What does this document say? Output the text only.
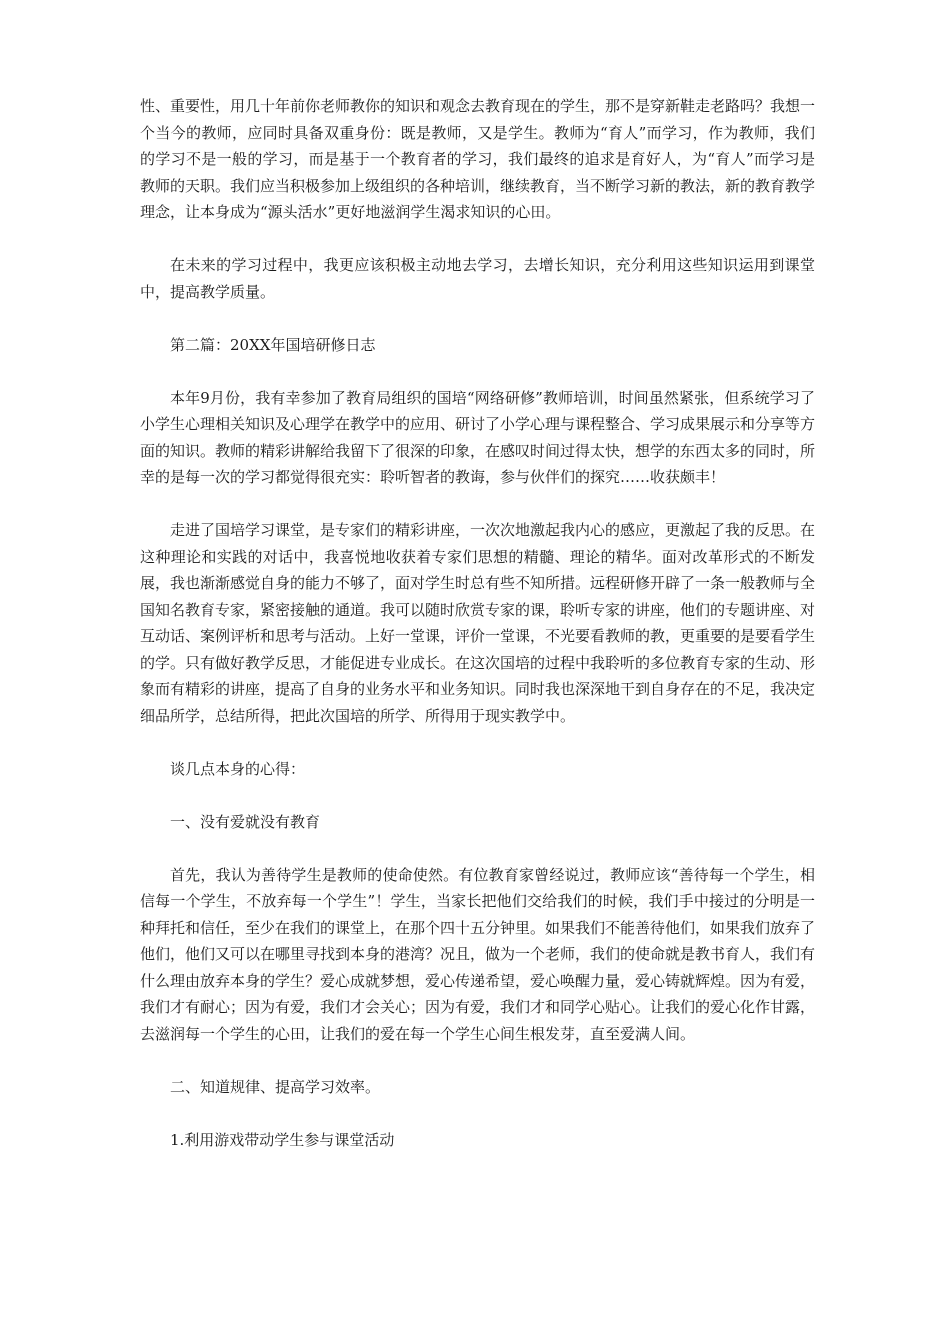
性、重要性，用几十年前你老师教你的知识和观念去教育现在的学生，那不是穿新鞋走老路吗？我想一个当今的教师，应同时具备双重身份：既是教师，又是学生。教师为“育人”而学习，作为教师，我们的学习不是一般的学习，而是基于一个教育者的学习，我们最终的追求是育好人，为“育人”而学习是教师的天职。我们应当积极参加上级组织的各种培训，继续教育，当不断学习新的教法，新的教育教学理念，让本身成为“源头活水”更好地滋润学生渴求知识的心田。

在未来的学习过程中，我更应该积极主动地去学习，去增长知识，充分利用这些知识运用到课堂中，提高教学质量。

第二篇：20XX年国培研修日志

本年9月份，我有幸参加了教育局组织的国培“网络研修”教师培训，时间虽然紧张，但系统学习了小学生心理相关知识及心理学在教学中的应用、研讨了小学心理与课程整合、学习成果展示和分享等方面的知识。教师的精彩讲解给我留下了很深的印象，在感叹时间过得太快，想学的东西太多的同时，所幸的是每一次的学习都觉得很充实：聆听智者的教诲，参与伙伴们的探究……收获颇丰！

走进了国培学习课堂，是专家们的精彩讲座，一次次地激起我内心的感应，更激起了我的反思。在这种理论和实践的对话中，我喜悦地收获着专家们思想的精髓、理论的精华。面对改革形式的不断发展，我也渐渐感觉自身的能力不够了，面对学生时总有些不知所措。远程研修开辟了一条一般教师与全国知名教育专家，紧密接触的通道。我可以随时欣赏专家的课，聆听专家的讲座，他们的专题讲座、对互动话、案例评析和思考与活动。上好一堂课，评价一堂课，不光要看教师的教，更重要的是要看学生的学。只有做好教学反思，才能促进专业成长。在这次国培的过程中我聆听的多位教育专家的生动、形象而有精彩的讲座，提高了自身的业务水平和业务知识。同时我也深深地干到自身存在的不足，我决定细品所学，总结所得，把此次国培的所学、所得用于现实教学中。

谈几点本身的心得：

一、没有爱就没有教育

首先，我认为善待学生是教师的使命使然。有位教育家曾经说过，教师应该“善待每一个学生，相信每一个学生，不放弃每一个学生”！学生，当家长把他们交给我们的时候，我们手中接过的分明是一种拜托和信任，至少在我们的课堂上，在那个四十五分钟里。如果我们不能善待他们，如果我们放弃了他们，他们又可以在哪里寻找到本身的港湾？况且，做为一个老师，我们的使命就是教书育人，我们有什么理由放弃本身的学生？爱心成就梦想，爱心传递希望，爱心唤醒力量，爱心铸就辉煌。因为有爱，我们才有耐心；因为有爱，我们才会关心；因为有爱，我们才和同学心贴心。让我们的爱心化作甘露，去滋润每一个学生的心田，让我们的爱在每一个学生心间生根发芽，直至爱满人间。

二、知道规律、提高学习效率。

1.利用游戏带动学生参与课堂活动
